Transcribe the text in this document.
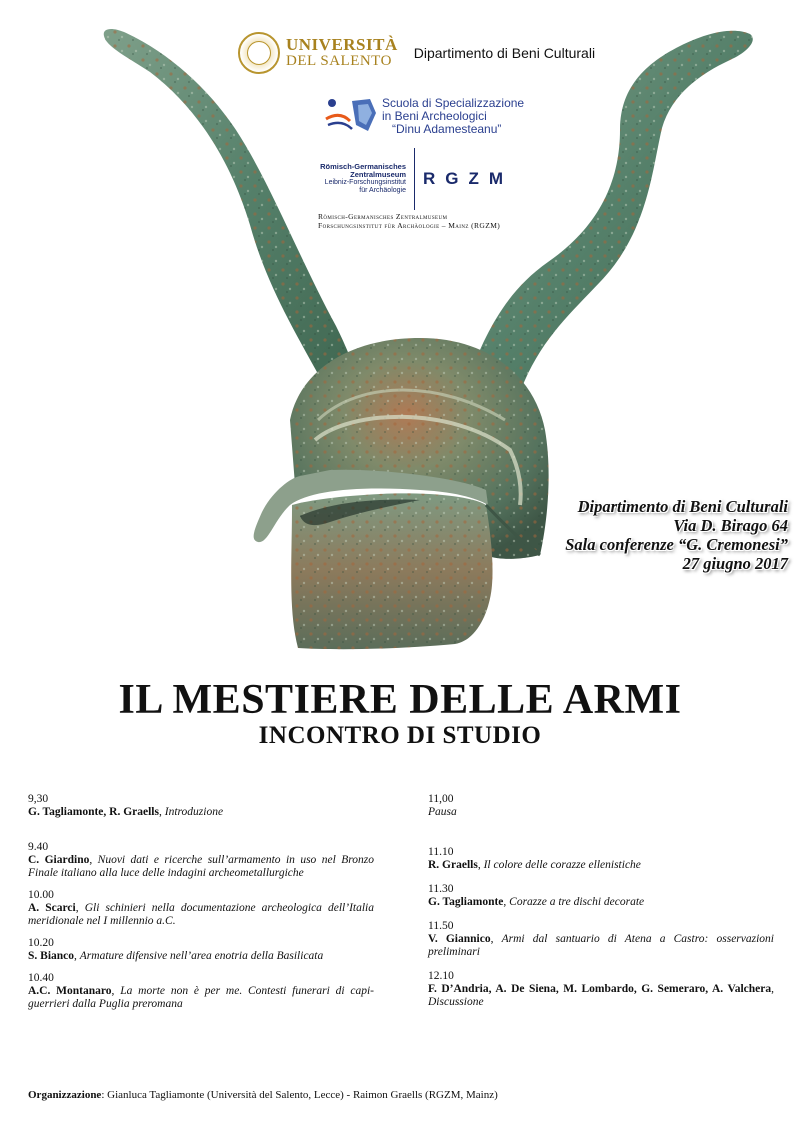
UNIVERSITÀ
DEL SALENTO	Dipartimento di Beni Culturali
Scuola di Specializzazione
in Beni Archeologici
“Dinu Adamesteanu”
Römisch-Germanisches
Zentralmuseum
Leibniz-Forschungsinstitut
für Archäologie
RGZM
Römisch-Germanisches Zentralmuseum
Forschungsinstitut für Archäologie – Mainz (RGZM)
Dipartimento di Beni Culturali
Via D. Birago 64
Sala conferenze “G. Cremonesi”
27 giugno 2017
IL MESTIERE DELLE ARMI
INCONTRO DI STUDIO
9,30
G. Tagliamonte, R. Graells, Introduzione
9.40
C. Giardino, Nuovi dati e ricerche sull’armamento in uso nel Bronzo Finale italiano alla luce delle indagini archeometallurgiche
10.00
A. Scarci, Gli schinieri nella documentazione archeologica dell’Italia meridionale nel I millennio a.C.
10.20
S. Bianco, Armature difensive nell’area enotria della Basilicata
10.40
A.C. Montanaro, La morte non è per me. Contesti funerari di capi-guerrieri dalla Puglia preromana
11,00
Pausa
11.10
R. Graells, Il colore delle corazze ellenistiche
11.30
G. Tagliamonte, Corazze a tre dischi decorate
11.50
V. Giannico, Armi dal santuario di Atena a Castro: osservazioni preliminari
12.10
F. D’Andria, A. De Siena, M. Lombardo, G. Semeraro, A. Valchera, Discussione
Organizzazione: Gianluca Tagliamonte (Università del Salento, Lecce) - Raimon Graells (RGZM, Mainz)
